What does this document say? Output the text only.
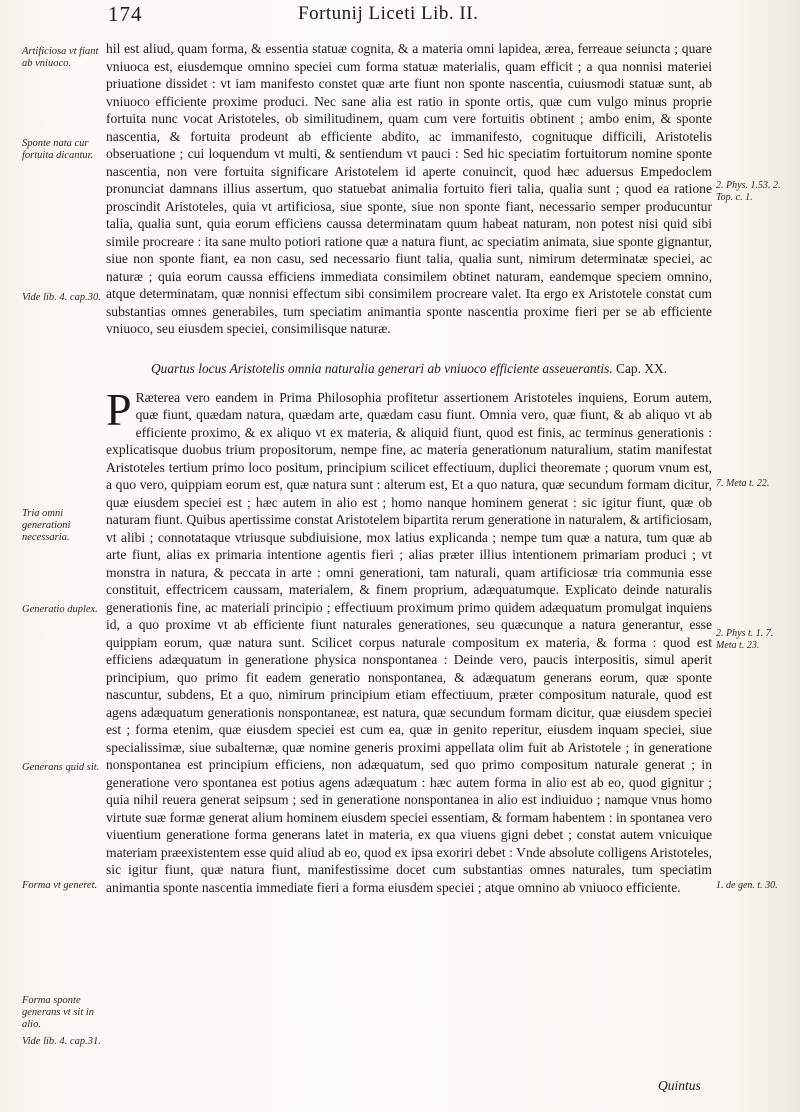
174	Fortunij Liceti Lib. II.

hil est aliud, quam forma, & essentia statuæ cognita, & a materia omni lapidea, ærea, ferreaue seiuncta ; quare vniuoca est, eiusdemque omnino speciei cum forma statuæ materialis, quam efficit ; a qua nonnisi materiei priuatione dissidet : vt iam manifesto constet quæ arte fiunt non sponte nascentia, cuiusmodi statuæ sunt, ab vniuoco efficiente proxime produci. Nec sane alia est ratio in sponte ortis, quæ cum vulgo minus proprie fortuita nunc vocat Aristoteles, ob similitudinem, quam cum vere fortuitis obtinent ; ambo enim, & sponte nascentia, & fortuita prodeunt ab efficiente abdito, ac immanifesto, cognituque difficili, Aristotelis obseruatione ; cui loquendum vt multi, & sentiendum vt pauci : Sed hic speciatim fortuitorum nomine sponte nascentia, non vere fortuita significare Aristotelem id aperte conuincit, quod hæc aduersus Empedoclem pronunciat damnans illius assertum, quo statuebat animalia fortuito fieri talia, qualia sunt ; quod ea ratione proscindit Aristoteles, quia vt artificiosa, siue sponte, siue non sponte fiant, necessario semper producuntur talia, qualia sunt, quia eorum efficiens caussa determinatam quum habeat naturam, non potest nisi quid sibi simile procreare : ita sane multo potiori ratione quæ a natura fiunt, ac speciatim animata, siue sponte gignantur, siue non sponte fiant, ea non casu, sed necessario fiunt talia, qualia sunt, nimirum determinatæ speciei, ac naturæ ; quia eorum caussa efficiens immediata consimilem obtinet naturam, eandemque speciem omnino, atque determinatam, quæ nonnisi effectum sibi consimilem procreare valet. Ita ergo ex Aristotele constat cum substantias omnes generabiles, tum speciatim animantia sponte nascentia proxime fieri per se ab efficiente vniuoco, seu eiusdem speciei, consimilisque naturæ.

Quartus locus Aristotelis omnia naturalia generari ab vniuoco efficiente asseuerantis. Cap. XX.

P Ræterea vero eandem in Prima Philosophia profitetur assertionem Aristoteles inquiens, Eorum autem, quæ fiunt, quædam natura, quædam arte, quædam casu fiunt. Omnia vero, quæ fiunt, & ab aliquo vt ab efficiente proximo, & ex aliquo vt ex materia, & aliquid fiunt, quod est finis, ac terminus generationis : explicatisque duobus trium propositorum, nempe fine, ac materia generationum naturalium, statim manifestat Aristoteles tertium primo loco positum, principium scilicet effectiuum, duplici theoremate ; quorum vnum est, a quo vero, quippiam eorum est, quæ natura sunt : alterum est, Et a quo natura, quæ secundum formam dicitur, quæ eiusdem speciei est ; hæc autem in alio est ; homo nanque hominem generat : sic igitur fiunt, quæ ob naturam fiunt. Quibus apertissime constat Aristotelem bipartita rerum generatione in naturalem, & artificiosam, vt alibi ; connotataque vtriusque subdiuisione, mox latius explicanda ; nempe tum quæ a natura, tum quæ ab arte fiunt, alias ex primaria intentione agentis fieri ; alias præter illius intentionem primariam produci ; vt monstra in natura, & peccata in arte : omni generationi, tam naturali, quam artificiosæ tria communia esse constituit, effectricem caussam, materialem, & finem proprium, adæquatumque. Explicato deinde naturalis generationis fine, ac materiali principio ; effectiuum proximum primo quidem adæquatum promulgat inquiens id, a quo proxime vt ab efficiente fiunt naturales generationes, seu quæcunque a natura generantur, esse quippiam eorum, quæ natura sunt. Scilicet corpus naturale compositum ex materia, & forma : quod est efficiens adæquatum in generatione physica nonspontanea : Deinde vero, paucis interpositis, simul aperit principium, quo primo fit eadem generatio nonspontanea, & adæquatum generans eorum, quæ sponte nascuntur, subdens, Et a quo, nimirum principium etiam effectiuum, præter compositum naturale, quod est agens adæquatum generationis nonspontaneæ, est natura, quæ secundum formam dicitur, quæ eiusdem speciei est ; forma etenim, quæ eiusdem speciei est cum ea, quæ in genito reperitur, eiusdem inquam speciei, siue specialissimæ, siue subalternæ, quæ nomine generis proximi appellata olim fuit ab Aristotele ; in generatione nonspontanea est principium efficiens, non adæquatum, sed quo primo compositum naturale generat ; in generatione vero spontanea est potius agens adæquatum : hæc autem forma in alio est ab eo, quod gignitur ; quia nihil reuera generat seipsum ; sed in generatione nonspontanea in alio est indiuiduo ; namque vnus homo virtute suæ formæ generat alium hominem eiusdem speciei essentiam, & formam habentem : in spontanea vero viuentium generatione forma generans latet in materia, ex qua viuens gigni debet ; constat autem vnicuique materiam præexistentem esse quid aliud ab eo, quod ex ipsa exoriri debet : Vnde absolute colligens Aristoteles, sic igitur fiunt, quæ natura fiunt, manifestissime docet cum substantias omnes naturales, tum speciatim animantia sponte nascentia immediate fieri a forma eiusdem speciei ; atque omnino ab vniuoco efficiente.

Artificiosa vt fiant ab vniuoco.
Sponte nata cur fortuita dicantur.
Vide lib. 4. cap.30.
Tria omni generationi necessaria.
Generatio duplex.
Generans quid sit.
Forma vt generet.
Forma sponte generans vt sit in alio.
Vide lib. 4. cap.31.
2. Phys. 1.53. 2. Top. c. 1.
7. Meta t. 22.
2. Phys t. 1. 7. Meta t. 23.
1. de gen. t. 30.
Quintus
